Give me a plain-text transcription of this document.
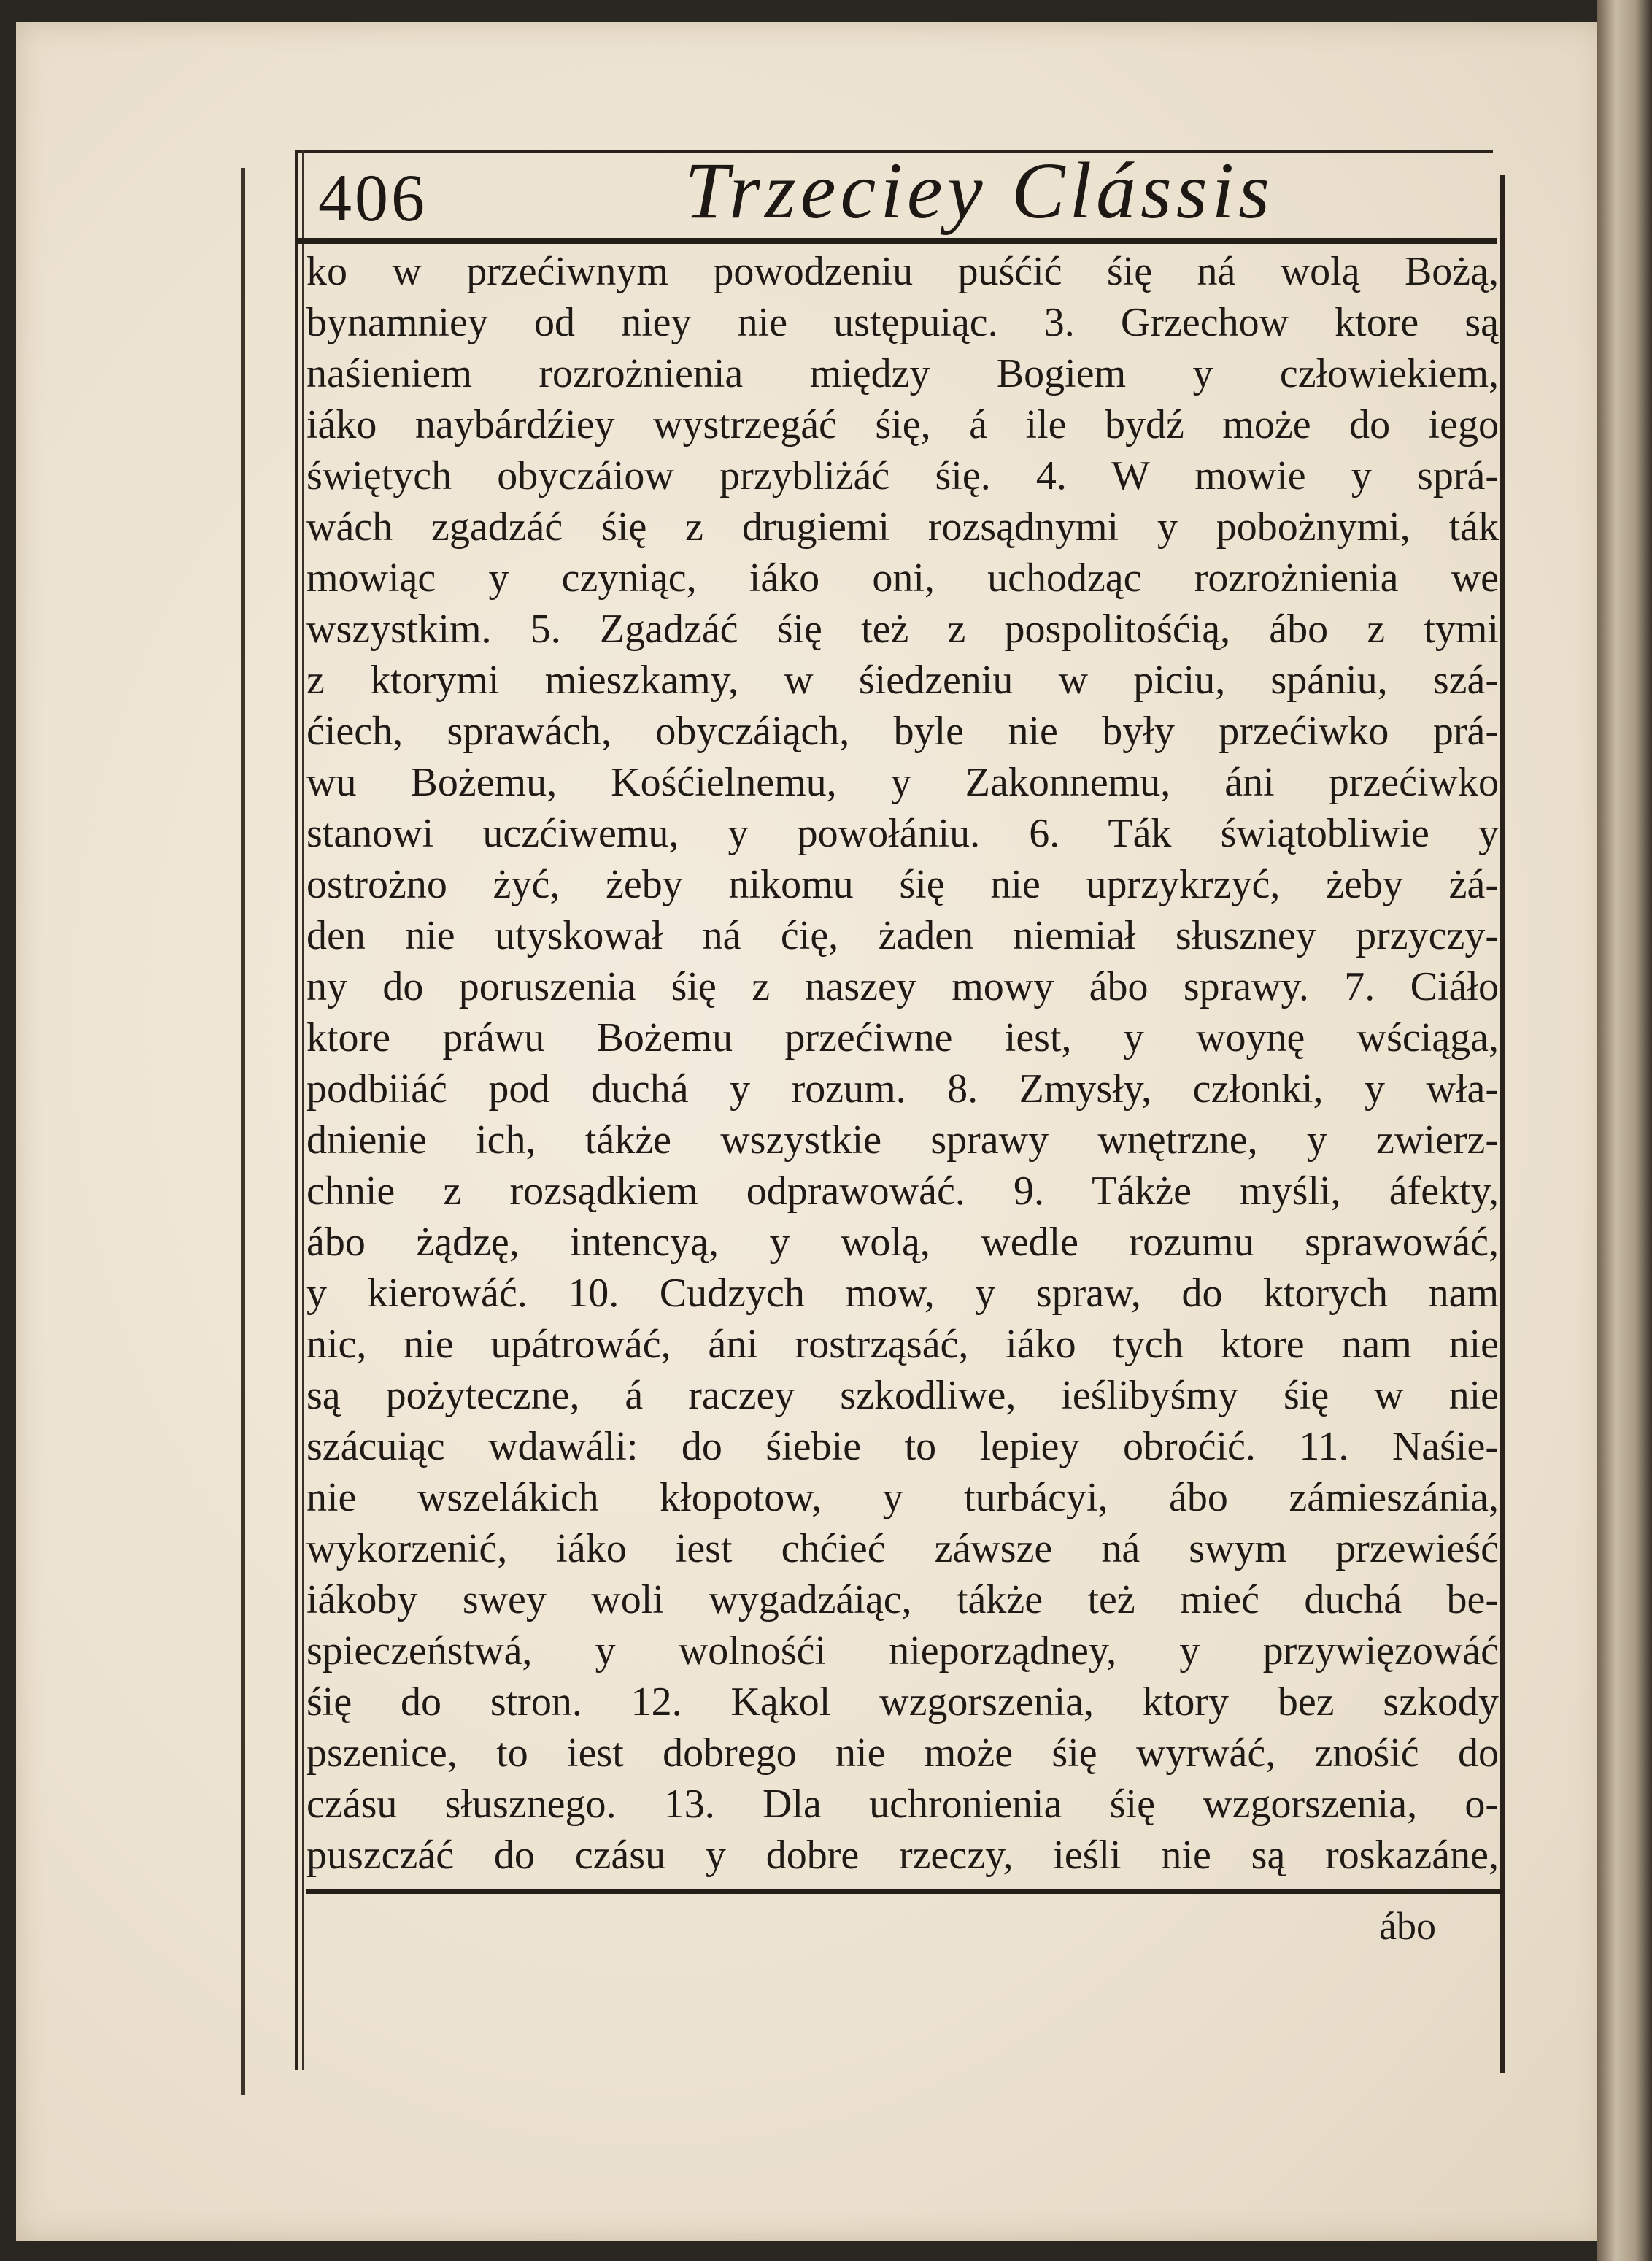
406	Trzeciey Clássis
ko w przećiwnym powodzeniu puśćić śię ná wolą Bożą,
bynamniey od niey nie ustępuiąc. 3. Grzechow ktore są
naśieniem rozrożnienia między Bogiem y człowiekiem,
iáko naybárdźiey wystrzegáć śię, á ile bydź może do iego
świętych obyczáiow przybliżáć śię. 4. W mowie y sprá-
wách zgadzáć śię z drugiemi rozsądnymi y pobożnymi, ták
mowiąc y czyniąc, iáko oni, uchodząc rozrożnienia we
wszystkim. 5. Zgadzáć śię też z pospolitośćią, ábo z tymi
z ktorymi mieszkamy, w śiedzeniu w piciu, spániu, szá-
ćiech, sprawách, obyczáiąch, byle nie były przećiwko prá-
wu Bożemu, Kośćielnemu, y Zakonnemu, áni przećiwko
stanowi uczćiwemu, y powołániu. 6. Ták świątobliwie y
ostrożno żyć, żeby nikomu śię nie uprzykrzyć, żeby żá-
den nie utyskował ná ćię, żaden niemiał słuszney przyczy-
ny do poruszenia śię z naszey mowy ábo sprawy. 7. Ciáło
ktore práwu Bożemu przećiwne iest, y woynę wściąga,
podbiiáć pod duchá y rozum. 8. Zmysły, członki, y wła-
dnienie ich, tákże wszystkie sprawy wnętrzne, y zwierz-
chnie z rozsądkiem odprawowáć. 9. Tákże myśli, áfekty,
ábo żądzę, intencyą, y wolą, wedle rozumu sprawowáć,
y kierowáć. 10. Cudzych mow, y spraw, do ktorych nam
nic, nie upátrowáć, áni rostrząsáć, iáko tych ktore nam nie
są pożyteczne, á raczey szkodliwe, ieślibyśmy śię w nie
szácuiąc wdawáli: do śiebie to lepiey obroćić. 11. Naśie-
nie wszelákich kłopotow, y turbácyi, ábo zámieszánia,
wykorzenić, iáko iest chćieć záwsze ná swym przewieść
iákoby swey woli wygadzáiąc, tákże też mieć duchá be-
spieczeństwá, y wolnośći nieporządney, y przywięzowáć
śię do stron. 12. Kąkol wzgorszenia, ktory bez szkody
pszenice, to iest dobrego nie może śię wyrwáć, znośić do
czásu słusznego. 13. Dla uchronienia śię wzgorszenia, o-
puszczáć do czásu y dobre rzeczy, ieśli nie są roskazáne,
ábo
